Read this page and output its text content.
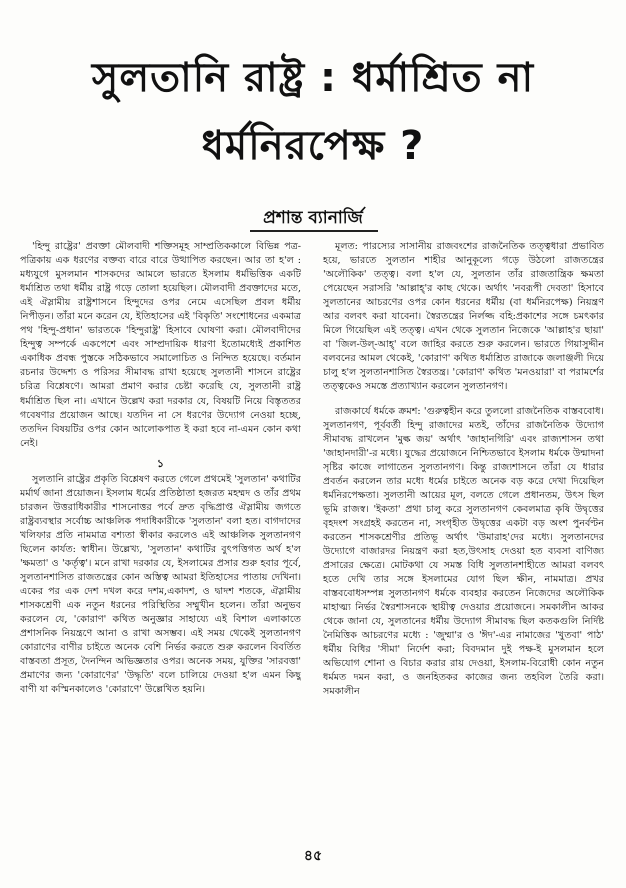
সুলতানি রাষ্ট্র : ধর্মাশ্রিত না
ধর্মনিরপেক্ষ ?
প্রশান্ত ব্যানার্জি

'হিন্দু রাষ্ট্রের' প্রবক্তা মৌলবাদী শক্তিসমূহ সাম্প্রতিককালে বিভিন্ন পত্র-পত্রিকায় এক ধরণের বক্তব্য বারে বারে উত্থাপিত করছেন। আর তা হ'ল : মধ্যযুগে মুসলমান শাসকদের আমলে ভারতে ইসলাম ধর্মভিত্তিক একটি ধর্মাশ্রিত তথা ধর্মীয় রাষ্ট্র গড়ে তোলা হয়েছিল। মৌলবাদী প্রবক্তাদের মতে, এই ঐস্লামীয় রাষ্ট্রশাসনে হিন্দুদের ওপর নেমে এসেছিল প্রবল ধর্মীয় নিপীড়ন। তাঁরা মনে করেন যে, ইতিহাসের এই 'বিকৃতি' সংশোধনের একমাত্র পথ 'হিন্দু-প্রধান' ভারতকে 'হিন্দুরাষ্ট্র' হিসাবে ঘোষণা করা। মৌলবাদীদের হিন্দুত্ব সম্পর্কে একপেশে এবং সাম্প্রদায়িক ধারণা ইতোমধ্যেই প্রকাশিত একাধিক প্রবন্ধ পুস্তকে সঠিকভাবে সমালোচিত ও নিন্দিত হয়েছে। বর্তমান রচনার উদ্দেশ্য ও পরিসর সীমাবদ্ধ রাখা হয়েছে সুলতানী শাসনে রাষ্ট্রের চরিত্র বিশ্লেষণে। আমরা প্রমাণ করার চেষ্টা করেছি যে, সুলতানী রাষ্ট্র ধর্মাশ্রিত ছিল না। এখানে উল্লেখ করা দরকার যে, বিষয়টি নিয়ে বিস্তৃততর গবেষণার প্রয়োজন আছে। যতদিন না সে ধরণের উদ্যোগ নেওয়া হচ্ছে, ততদিন বিষয়টির ওপর কোন আলোকপাত ই করা হবে না-এমন কোন কথা নেই।

১

সুলতানি রাষ্ট্রের প্রকৃতি বিশ্লেষণ করতে গেলে প্রথমেই 'সুলতান' কথাটির মর্মার্থ জানা প্রয়োজন। ইসলাম ধর্মের প্রতিষ্ঠাতা হজরত মহম্মদ ও তাঁর প্রথম চারজন উত্তরাধিকারীর শাসনোত্তর পর্বে দ্রুত বৃদ্ধিপ্রাপ্ত ঐস্লামীয় জগতে রাষ্ট্রব্যবস্থার সর্বোচ্চ আঞ্চলিক পদাধিকারীকে 'সুলতান' বলা হত। বাগদাদের খলিফার প্রতি নামমাত্র বশ্যতা স্বীকার করলেও এই আঞ্চলিক সুলতানগণ ছিলেন কার্যত: স্বাধীন। উল্লেখ্য, 'সুলতান' কথাটির বুৎপত্তিগত অর্থ হ'ল 'ক্ষমতা' ও 'কর্তৃত্ব'। মনে রাখা দরকার যে, ইসলামের প্রসার শুরু হবার পূর্বে, সুলতানশাসিত রাজতন্ত্রের কোন অস্তিত্ব আমরা ইতিহাসের পাতায় দেখিনা। একের পর এক দেশ দখল করে দশম,একাদশ, ও দ্বাদশ শতকে, ঐস্লামীয় শাসকশ্রেণী এক নতুন ধরনের পরিস্থিতির সম্মুখীন হলেন। তাঁরা অনুভব করলেন যে, 'কোরাণ' কথিত অনুজ্ঞার সাহায্যে এই বিশাল এলাকাতে প্রশাসনিক নিয়ন্ত্রণে আনা ও রাখা অসম্ভব। এই সময় থেকেই সুলতানগণ কোরাণের বাণীর চাইতে অনেক বেশি নির্ভর করতে শুরু করলেন বিবর্তিত বাস্তবতা প্রসূত, দৈনন্দিন অভিজ্ঞতার ওপর। অনেক সময়, যুক্তির 'সারবত্তা' প্রমাণের জন্য 'কোরাণের' 'উদ্ধৃতি' বলে চালিয়ে দেওয়া হ'ল এমন কিছু বাণী যা কস্মিনকালেও 'কোরাণে' উল্লেখিত হয়নি।

মূলত: পারস্যের সাসানীয় রাজবংশের রাজনৈতিক তত্ত্বধারা প্রভাবিত হয়ে, ভারতে সুলতান শাহীর আনুকূল্যে গড়ে উঠলো রাজতন্ত্রের 'অলৌকিক' তত্ত্ব। বলা হ'ল যে, সুলতান তাঁর রাজতান্ত্রিক ক্ষমতা পেয়েছেন সরাসরি 'আল্লাহ্'র কাছ থেকে। অর্থাৎ 'নবরূপী দেবতা' হিসাবে সুলতানের আচরণের ওপর কোন ধরনের ধর্মীয় (বা ধর্মনিরপেক্ষ) নিয়ন্ত্রণ আর বলবৎ করা যাবেনা। স্বৈরতন্ত্রের নির্লজ্জ বহি:প্রকাশের সঙ্গে চমৎকার মিলে গিয়েছিল এই তত্ত্ব। এখন থেকে সুলতান নিজেকে 'আল্লাহ'র ছায়া' বা 'জিল-উল্-আহ্' বলে জাহির করতে শুরু করলেন। ভারতে গিয়াসুদ্দীন বলবনের আমল থেকেই, 'কোরাণ' কথিত ধর্মাশ্রিত রাজাকে জলাঞ্জলী দিয়ে চালু হ'ল সুলতানশাসিত স্বৈরতন্ত্র। 'কোরাণ' কথিত 'মনওয়ারা' বা পরামর্শের তত্ত্বকেও সমস্তে প্রত্যাখ্যান করলেন সুলতানগণ।

রাজকার্যে ধর্মকে ক্রমশ: 'গুরুত্বহীন করে তুললো রাজনৈতিক বাস্তববোধ। সুলতানগণ, পূর্ববর্তী হিন্দু রাজাদের মতই, তাঁদের রাজনৈতিক উদ্যোগ সীমাবদ্ধ রাখলেন 'মুল্ক জয়' অর্থাৎ 'জাহানগিরি' এবং রাজ্যশাসন তথা 'জাহানদারী'-র মধ্যে। যুদ্ধের প্রয়োজনে নিশ্চিতভাবে ইসলাম ধর্মকে উন্মাদনা সৃষ্টির কাজে লাগাতেন সুলতানগণ। কিন্তু রাজ্যশাসনে তাঁরা যে ধারার প্রবর্তন করলেন তার মধ্যে ধর্মের চাইতে অনেক বড় করে দেখা দিয়েছিল ধর্মনিরপেক্ষতা। সুলতানী আয়ের মূল, বলতে গেলে প্রধানতম, উৎস ছিল ভূমি রাজস্ব। 'ইকতা' প্রথা চালু করে সুলতানগণ কেবলমাত্র কৃষি উদ্বৃত্তের বৃহদংশ সংগ্রহই করতেন না, সংগৃহীত উদ্বৃত্তের একটা বড় অংশ পুনর্বণ্টন করতেন শাসকশ্রেণীর প্রতিভূ অর্থাৎ 'উমারাহ'দের মধ্যে। সুলতানদের উদ্যোগে বাজারদর নিয়ন্ত্রণ করা হত,উৎসাহ দেওয়া হত ব্যবসা বাণিজ্য প্রসারের ক্ষেত্রে। মোটকথা যে সমস্ত বিধি সুলতানশাহীতে আমরা বলবৎ হতে দেখি তার সঙ্গে ইসলামের যোগ ছিল ক্ষীন, নামমাত্র। প্রখর বাস্তববোধসম্পন্ন সুলতানগণ ধর্মকে ব্যবহার করতেন নিজেদের অলৌকিক মাহাত্ম্য নির্ভর স্বৈরশাসনকে স্থায়ীত্ব দেওয়ার প্রয়োজনে। সমকালীন আকর থেকে জানা যে, সুলতানের ধর্মীয় উদ্যোগ সীমাবদ্ধ ছিল কতকগুলি নির্দিষ্ট নৈমিত্তিক আচরণের মধ্যে : 'জুম্মা'র ও 'ঈদ'-এর নামাজের 'খুতবা' পাঠ' ধর্মীয় বিধির 'সীমা' নির্দেশ করা; বিবদমান দুই পক্ষ-ই মুসলমান হলে অভিযোগ শোনা ও বিচার করার রায় দেওয়া, ইসলাম-বিরোধী কোন নতুন ধর্মমত দমন করা, ও জনহিতকর কাজের জন্য তহবিল তৈরি করা। সমকালীন

৪৫
